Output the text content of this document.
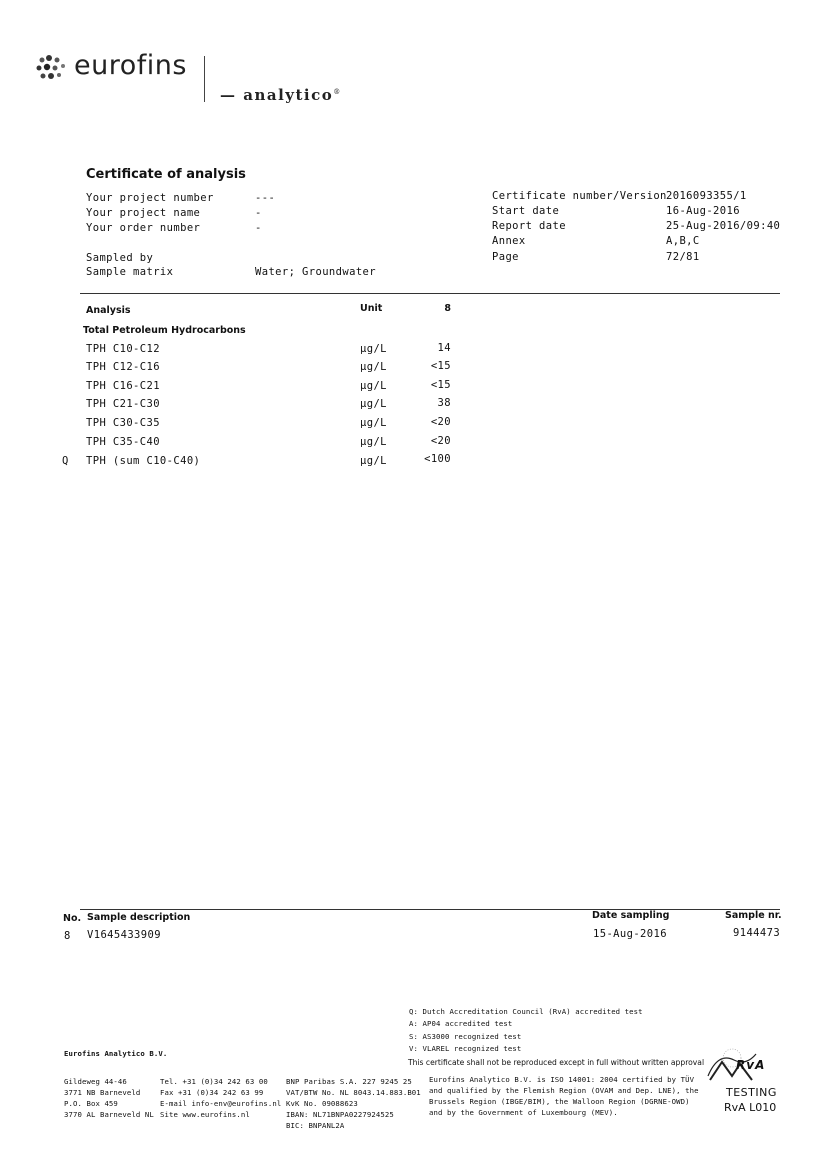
eurofins
— analytico®
Certificate of analysis
Your project number	---
Your project name	-
Your order number	-
Sampled by
Sample matrix	Water; Groundwater
Certificate number/Version 2016093355/1
Start date	16-Aug-2016
Report date	25-Aug-2016/09:40
Annex	A,B,C
Page	72/81
Analysis	Unit	8
Total Petroleum Hydrocarbons
TPH C10-C12	µg/L	14
TPH C12-C16	µg/L	<15
TPH C16-C21	µg/L	<15
TPH C21-C30	µg/L	38
TPH C30-C35	µg/L	<20
TPH C35-C40	µg/L	<20
Q TPH (sum C10-C40)	µg/L	<100
No. Sample description	Date sampling	Sample nr.
8 V1645433909	15-Aug-2016	9144473
Q: Dutch Accreditation Council (RvA) accredited test
A: AP04 accredited test
S: AS3000 recognized test
V: VLAREL recognized test
This certificate shall not be reproduced except in full without written approval
Eurofins Analytico B.V.
Gildeweg 44-46
3771 NB Barneveld
P.O. Box 459
3770 AL Barneveld NL
Tel. +31 (0)34 242 63 00
Fax +31 (0)34 242 63 99
E-mail info-env@eurofins.nl
Site www.eurofins.nl
BNP Paribas S.A. 227 9245 25
VAT/BTW No. NL 8043.14.883.B01
KvK No. 09088623
IBAN: NL71BNPA0227924525
BIC: BNPANL2A
Eurofins Analytico B.V. is ISO 14001: 2004 certified by TÜV
and qualified by the Flemish Region (OVAM and Dep. LNE), the
Brussels Region (IBGE/BIM), the Walloon Region (DGRNE-OWD)
and by the Government of Luxembourg (MEV).
RvA
TESTING
RvA L010
